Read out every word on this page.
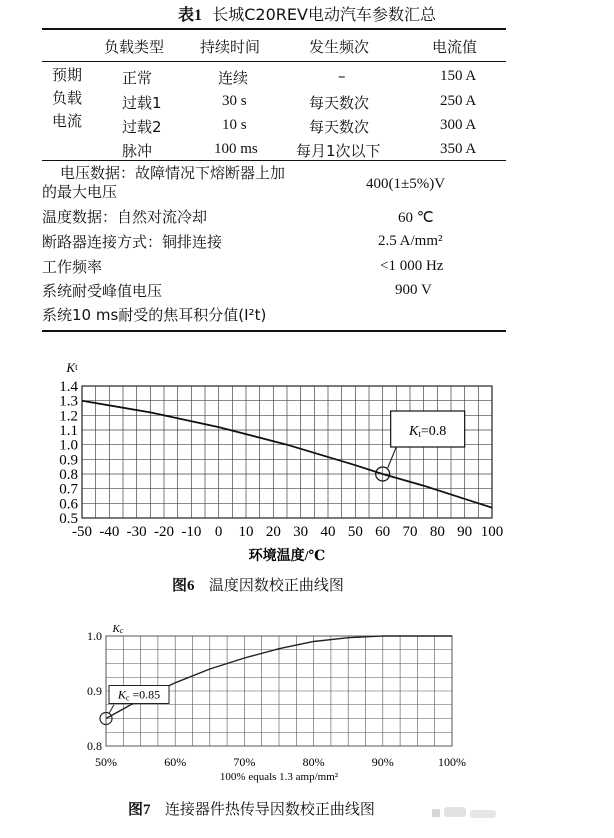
表1 长城C20REV电动汽车参数汇总
负载类型 持续时间	发生频次	电流值
预期
负载
电流
正常	连续	–	150 A
过载1	30 s	每天数次	250 A
过载2	10 s	每天数次	300 A
脉冲	100 ms	每月1次以下	350 A
电压数据：故障情况下熔断器上加
的最大电压	400(1±5%)V
温度数据：自然对流冷却	60 ℃
断路器连接方式：铜排连接	2.5 A/mm²
工作频率	<1 000 Hz
系统耐受峰值电压	900 V
系统10 ms耐受的焦耳积分值(I²t)
0.5
0.6
0.7
0.8
0.9
1.0
1.1
1.2
1.3
1.4
-50 -40 -30 -20 -10 0 10 20 30 40 50 60 70 80 90 100
Kt
环境温度/℃
Kt=0.8
图6 温度因数校正曲线图
0.8
0.9
1.0
50%	60%	70%	80%	90%	100%
Kc
100% equals 1.3 amp/mm²
Kc =0.85
图7 连接器件热传导因数校正曲线图
